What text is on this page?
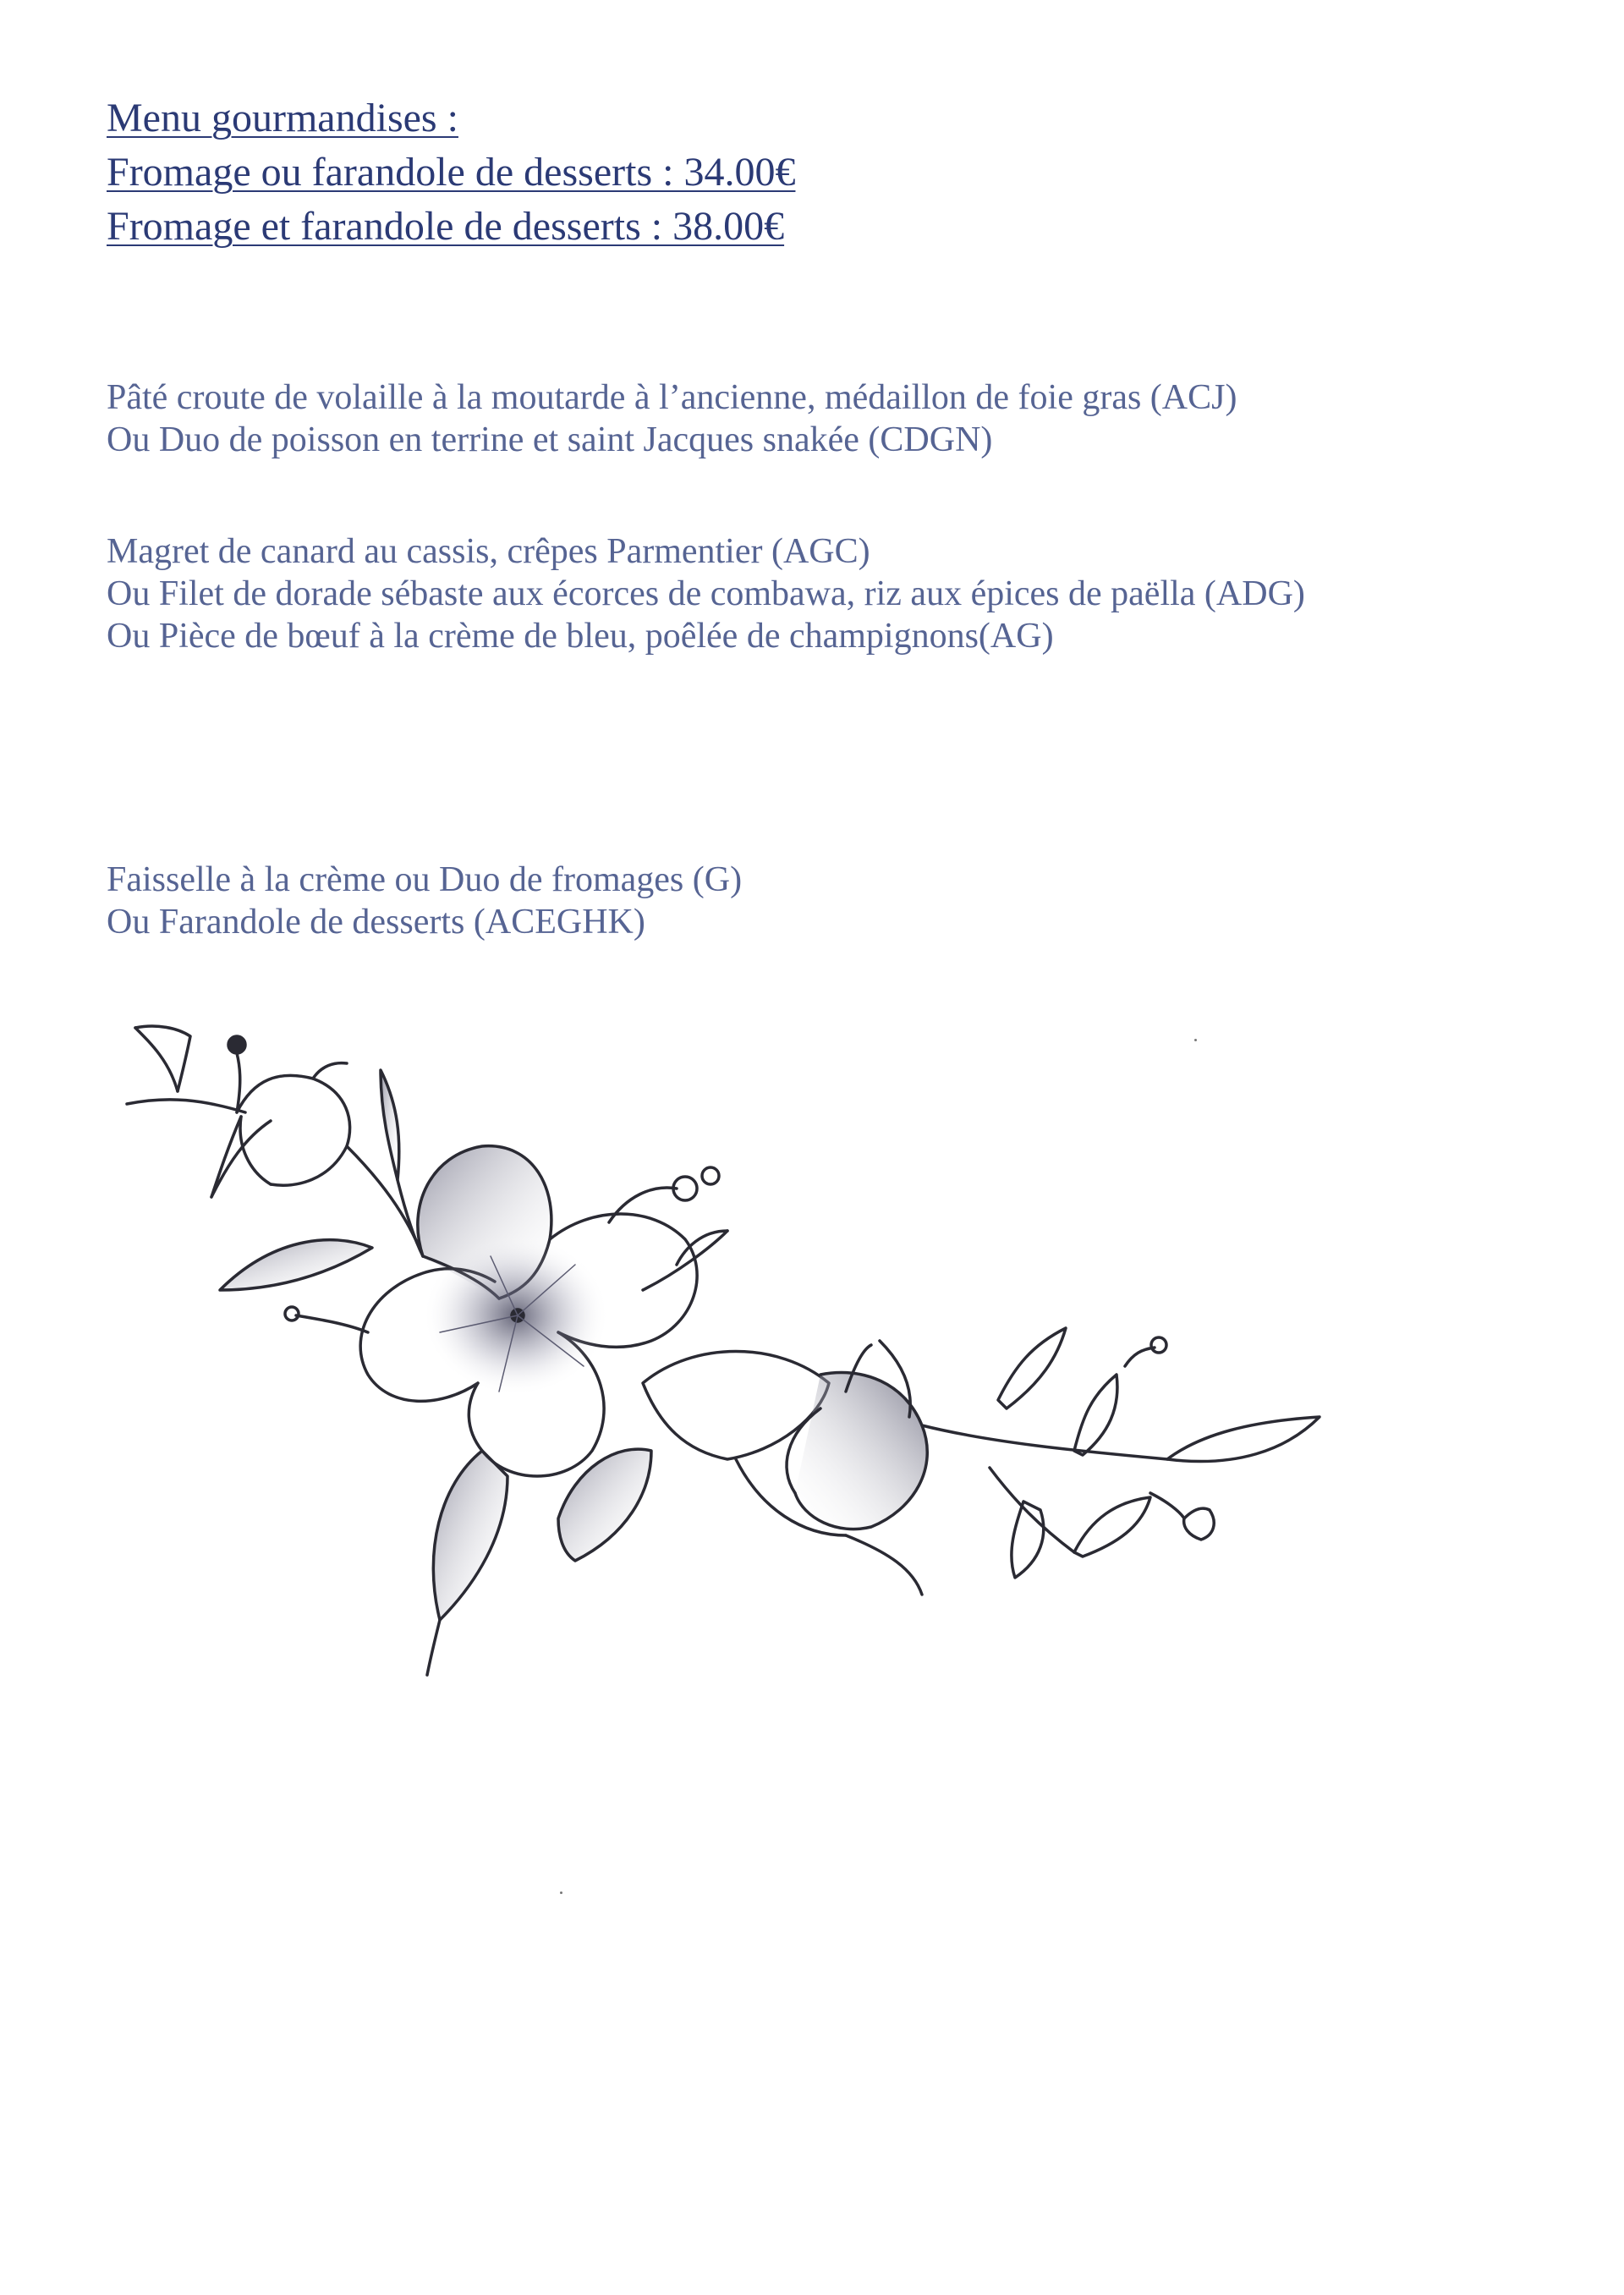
Menu gourmandises :
Fromage ou farandole de desserts : 34.00€
Fromage et farandole de desserts : 38.00€
Pâté croute de volaille à la moutarde à l’ancienne, médaillon de foie gras (ACJ)
Ou Duo de poisson en terrine et saint Jacques snakée (CDGN)
Magret de canard au cassis, crêpes Parmentier (AGC)
Ou Filet de dorade sébaste aux écorces de combawa, riz aux épices de paëlla (ADG)
Ou Pièce de bœuf à la crème de bleu, poêlée de champignons(AG)
Faisselle à la crème ou Duo de fromages (G)
Ou Farandole de desserts (ACEGHK)
